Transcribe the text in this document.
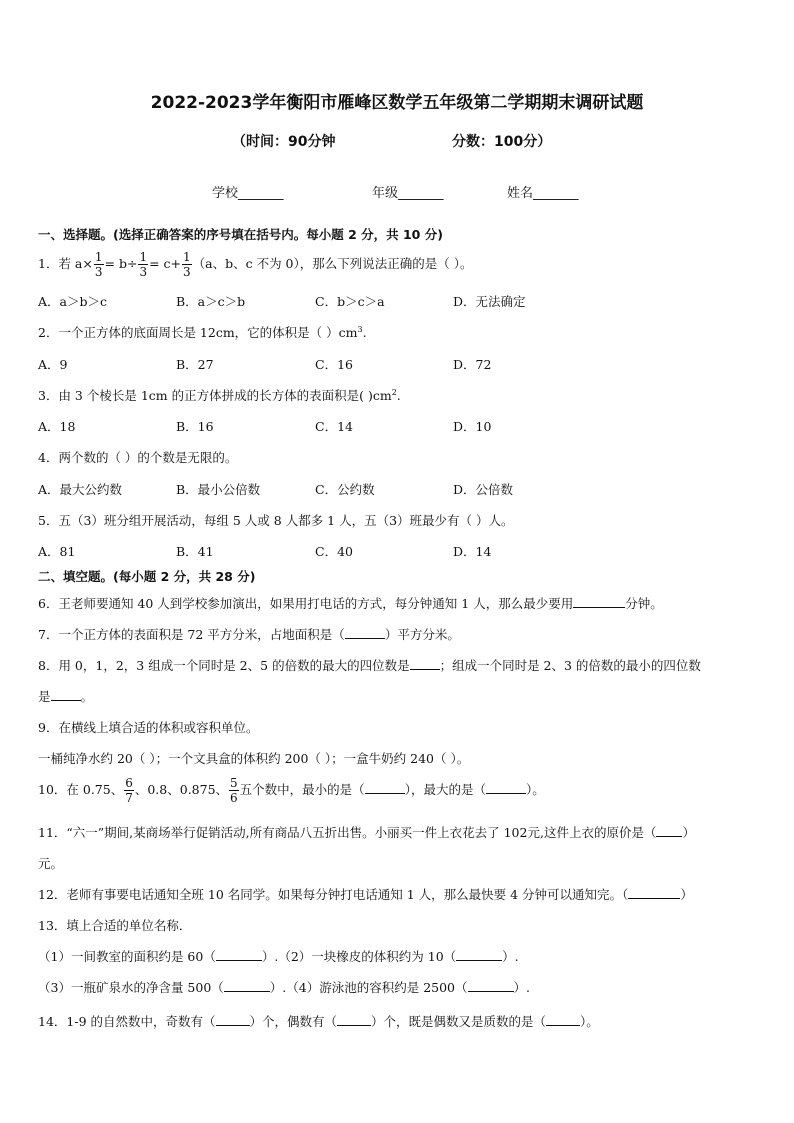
2022-2023学年衡阳市雁峰区数学五年级第二学期期末调研试题
（时间：90分钟	分数：100分）
学校_______	年级_______	姓名_______
一、选择题。(选择正确答案的序号填在括号内。每小题 2 分，共 10 分)
1．若 $a\times \frac{1}{3} = b\div \frac{1}{3} = c+ \frac{1}{3} (a$、b、c 不为 0），那么下列说法正确的是（ ）。
A．a＞b＞c	B．a＞c＞b	C．b＞c＞a	D．无法确定
2．一个正方体的底面周长是 12cm，它的体积是（ ）$cm^3$.
A．9	B．27	C．16	D．72
3．由 3 个棱长是 1cm 的正方体拼成的长方体的表面积是( )$cm^2$.
A．18	B．16	C．14	D．10
4．两个数的（ ）的个数是无限的。
A．最大公约数	B．最小公倍数	C．公约数	D．公倍数
5．五（3）班分组开展活动，每组 5 人或 8 人都多 1 人，五（3）班最少有（ ）人。
A．81	B．41	C．40	D．14
二、填空题。(每小题 2 分，共 28 分)
6．王老师要通知 40 人到学校参加演出，如果用打电话的方式，每分钟通知 1 人，那么最少要用	分钟。
7．一个正方体的表面积是 72 平方分米，占地面积是（	）平方分米。
8．用 0，1，2，3 组成一个同时是 2、5 的倍数的最大的四位数是 ；组成一个同时是 2、3 的倍数的最小的四位数
是 。
9．在横线上填合适的体积或容积单位。
一桶纯净水约 20（ ）；一个文具盒的体积约 200（ ）；一盒牛奶约 240（ ）。
10．在 0.75、 $\frac{6}{7}$ 、0.8、0.875、 $\frac{5}{6}$ 五个数中，最小的是（	），最大的是（	）。
11．“六一”期间,某商场举行促销活动,所有商品八五折出售。小丽买一件上衣花去了 102元,这件上衣的原价是（ ）
元。
12．老师有事要电话通知全班 10 名同学。如果每分钟打电话通知 1 人，那么最快要 4 分钟可以通知完。（	）
13．填上合适的单位名称．
（1）一间教室的面积约是 60（	）.（2）一块橡皮的体积约为 10（	）.
（3）一瓶矿泉水的净含量 500（	）.（4）游泳池的容积约是 2500（	）.
14．1-9 的自然数中，奇数有（	）个，偶数有（	）个，既是偶数又是质数的是（	）。
